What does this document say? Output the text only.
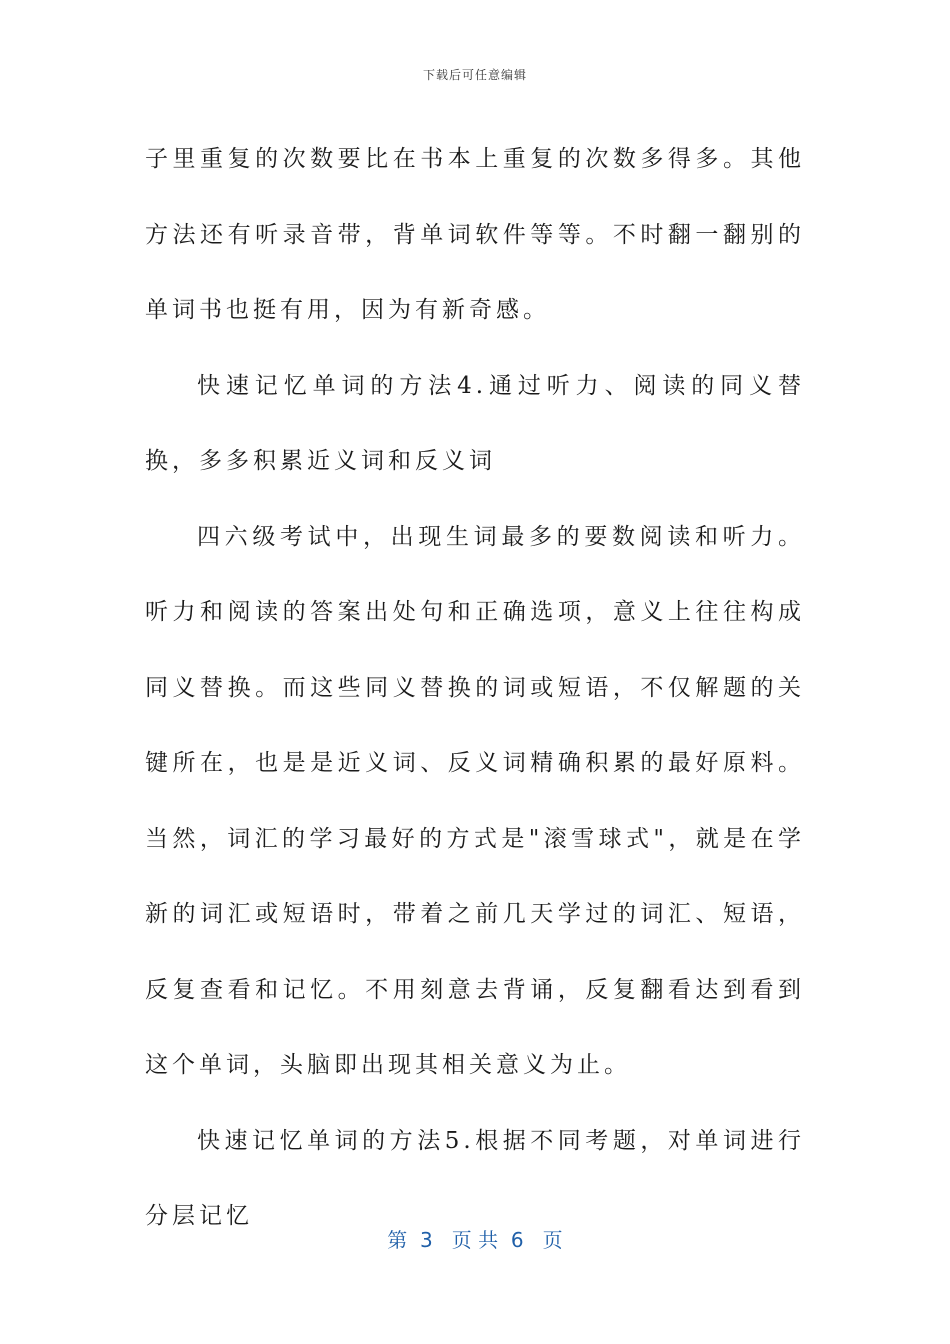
下载后可任意编辑

子里重复的次数要比在书本上重复的次数多得多。其他方法还有听录音带，背单词软件等等。不时翻一翻别的单词书也挺有用，因为有新奇感。

快速记忆单词的方法4.通过听力、阅读的同义替换，多多积累近义词和反义词

四六级考试中，出现生词最多的要数阅读和听力。听力和阅读的答案出处句和正确选项，意义上往往构成同义替换。而这些同义替换的词或短语，不仅解题的关键所在，也是是近义词、反义词精确积累的最好原料。当然，词汇的学习最好的方式是"滚雪球式"，就是在学新的词汇或短语时，带着之前几天学过的词汇、短语，反复查看和记忆。不用刻意去背诵，反复翻看达到看到这个单词，头脑即出现其相关意义为止。

快速记忆单词的方法5.根据不同考题，对单词进行分层记忆

第  3   页 共  6   页
